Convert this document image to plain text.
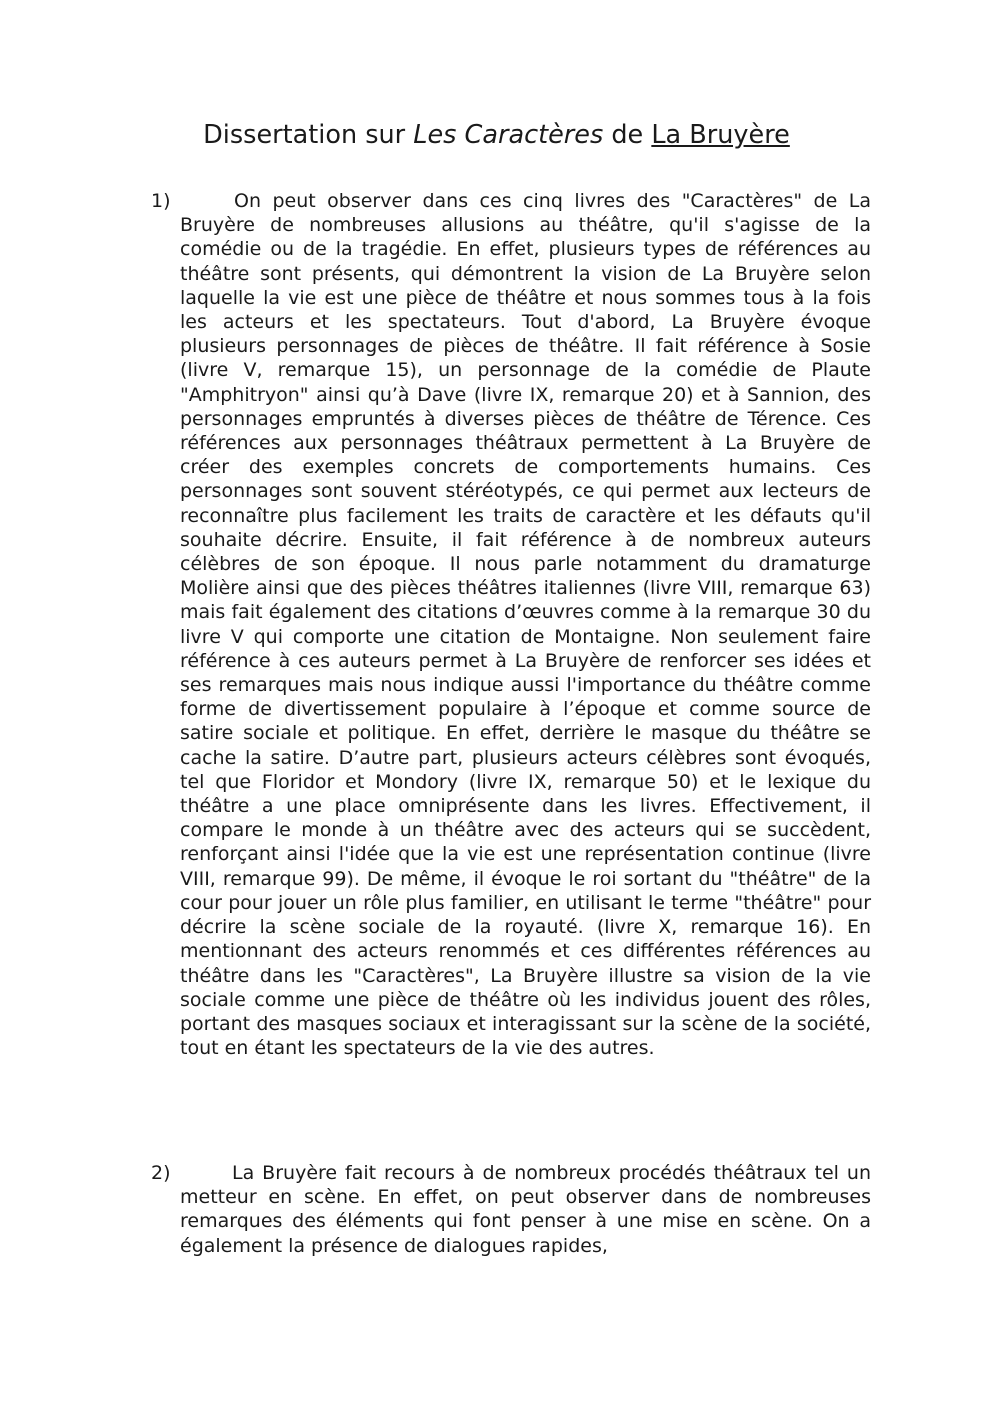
Dissertation sur Les Caractères de La Bruyère
1)	On peut observer dans ces cinq livres des "Caractères" de La Bruyère de nombreuses allusions au théâtre, qu'il s'agisse de la comédie ou de la tragédie. En effet, plusieurs types de références au théâtre sont présents, qui démontrent la vision de La Bruyère selon laquelle la vie est une pièce de théâtre et nous sommes tous à la fois les acteurs et les spectateurs. Tout d'abord, La Bruyère évoque plusieurs personnages de pièces de théâtre. Il fait référence à Sosie (livre V, remarque 15), un personnage de la comédie de Plaute "Amphitryon" ainsi qu’à Dave (livre IX, remarque 20) et à Sannion, des personnages empruntés à diverses pièces de théâtre de Térence. Ces références aux personnages théâtraux permettent à La Bruyère de créer des exemples concrets de comportements humains. Ces personnages sont souvent stéréotypés, ce qui permet aux lecteurs de reconnaître plus facilement les traits de caractère et les défauts qu'il souhaite décrire. Ensuite, il fait référence à de nombreux auteurs célèbres de son époque. Il nous parle notamment du dramaturge Molière ainsi que des pièces théâtres italiennes (livre VIII, remarque 63) mais fait également des citations d’œuvres comme à la remarque 30 du livre V qui comporte une citation de Montaigne. Non seulement faire référence à ces auteurs permet à La Bruyère de renforcer ses idées et ses remarques mais nous indique aussi l'importance du théâtre comme forme de divertissement populaire à l’époque et comme source de satire sociale et politique. En effet, derrière le masque du théâtre se cache la satire. D’autre part, plusieurs acteurs célèbres sont évoqués, tel que Floridor et Mondory (livre IX, remarque 50) et le lexique du théâtre a une place omniprésente dans les livres. Effectivement, il compare le monde à un théâtre avec des acteurs qui se succèdent, renforçant ainsi l'idée que la vie est une représentation continue (livre VIII, remarque 99). De même, il évoque le roi sortant du "théâtre" de la cour pour jouer un rôle plus familier, en utilisant le terme "théâtre" pour décrire la scène sociale de la royauté. (livre X, remarque 16). En mentionnant des acteurs renommés et ces différentes références au théâtre dans les "Caractères", La Bruyère illustre sa vision de la vie sociale comme une pièce de théâtre où les individus jouent des rôles, portant des masques sociaux et interagissant sur la scène de la société, tout en étant les spectateurs de la vie des autres.

2)	La Bruyère fait recours à de nombreux procédés théâtraux tel un metteur en scène. En effet, on peut observer dans de nombreuses remarques des éléments qui font penser à une mise en scène. On a également la présence de dialogues rapides,
